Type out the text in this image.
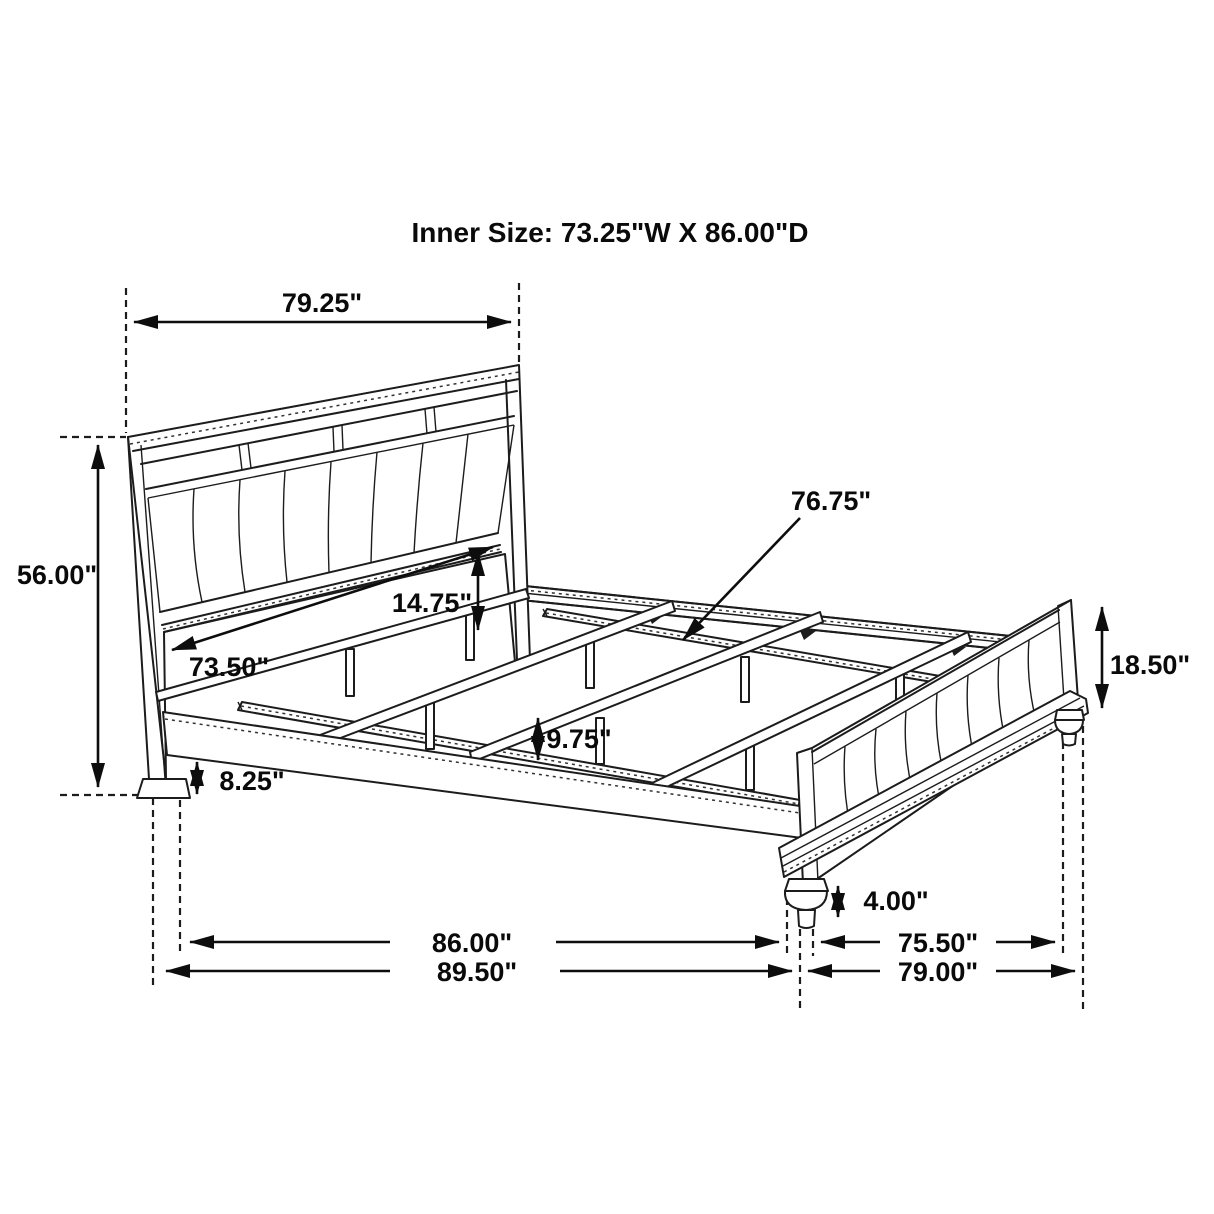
Inner Size: 73.25"W X 86.00"D
79.25"
56.00"
73.50"
14.75"
76.75"
18.50"
9.75"
8.25"
4.00"
86.00"
89.50"
75.50"
79.00"
